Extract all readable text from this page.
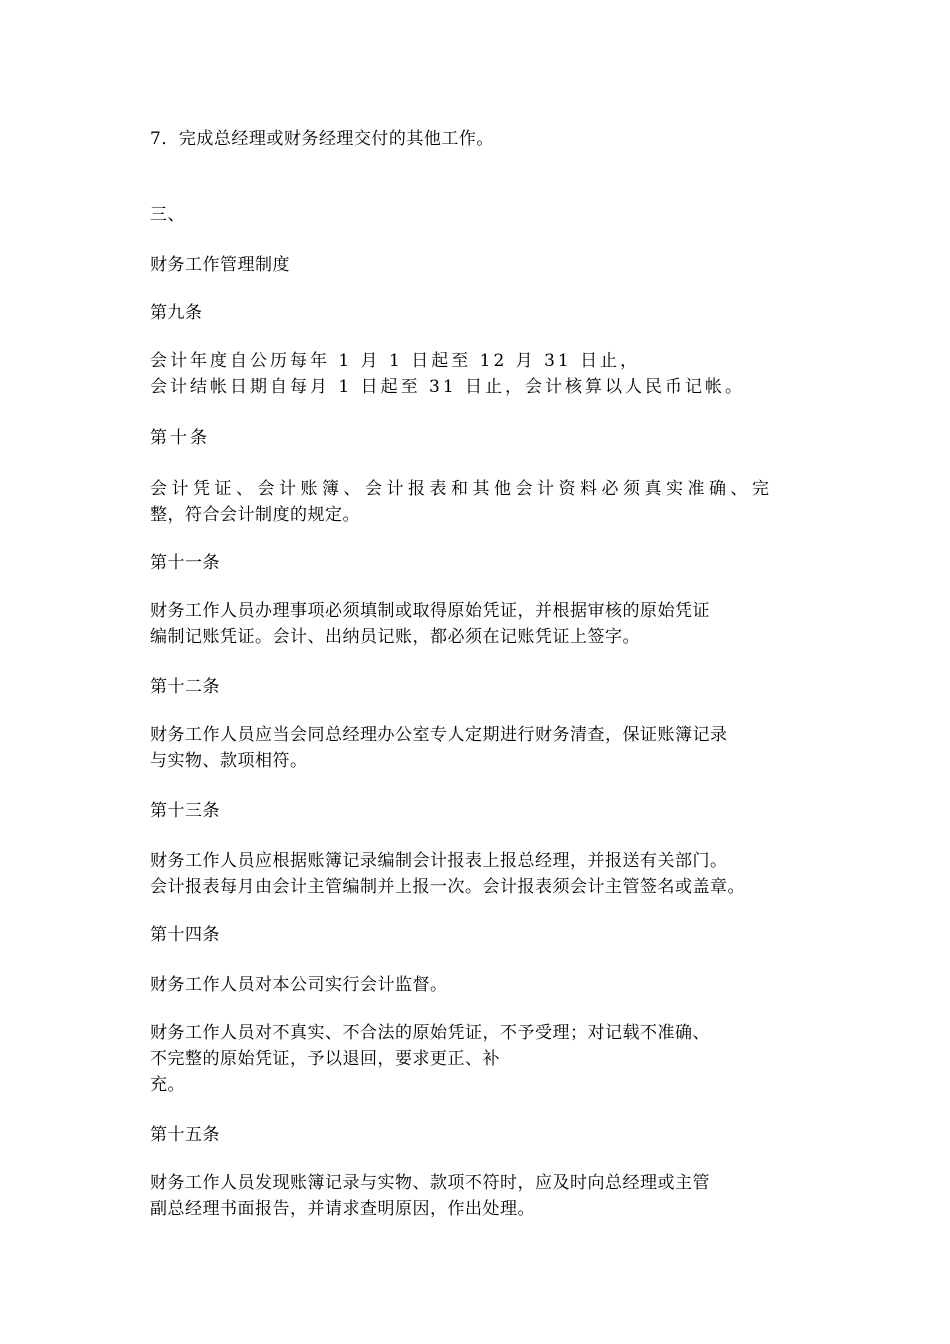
7．完成总经理或财务经理交付的其他工作。
三、
财务工作管理制度
第九条
会计年度自公历每年 1 月 1 日起至 12 月 31 日止，
会计结帐日期自每月 1 日起至 31 日止，会计核算以人民币记帐。
第十条
会计凭证、会计账簿、会计报表和其他会计资料必须真实准确、完
整，符合会计制度的规定。
第十一条
财务工作人员办理事项必须填制或取得原始凭证，并根据审核的原始凭证
编制记账凭证。会计、出纳员记账，都必须在记账凭证上签字。
第十二条
财务工作人员应当会同总经理办公室专人定期进行财务清查，保证账簿记录
与实物、款项相符。
第十三条
财务工作人员应根据账簿记录编制会计报表上报总经理，并报送有关部门。
会计报表每月由会计主管编制并上报一次。会计报表须会计主管签名或盖章。
第十四条
财务工作人员对本公司实行会计监督。
财务工作人员对不真实、不合法的原始凭证，不予受理；对记载不准确、
不完整的原始凭证，予以退回，要求更正、补
充。
第十五条
财务工作人员发现账簿记录与实物、款项不符时，应及时向总经理或主管
副总经理书面报告，并请求查明原因，作出处理。
